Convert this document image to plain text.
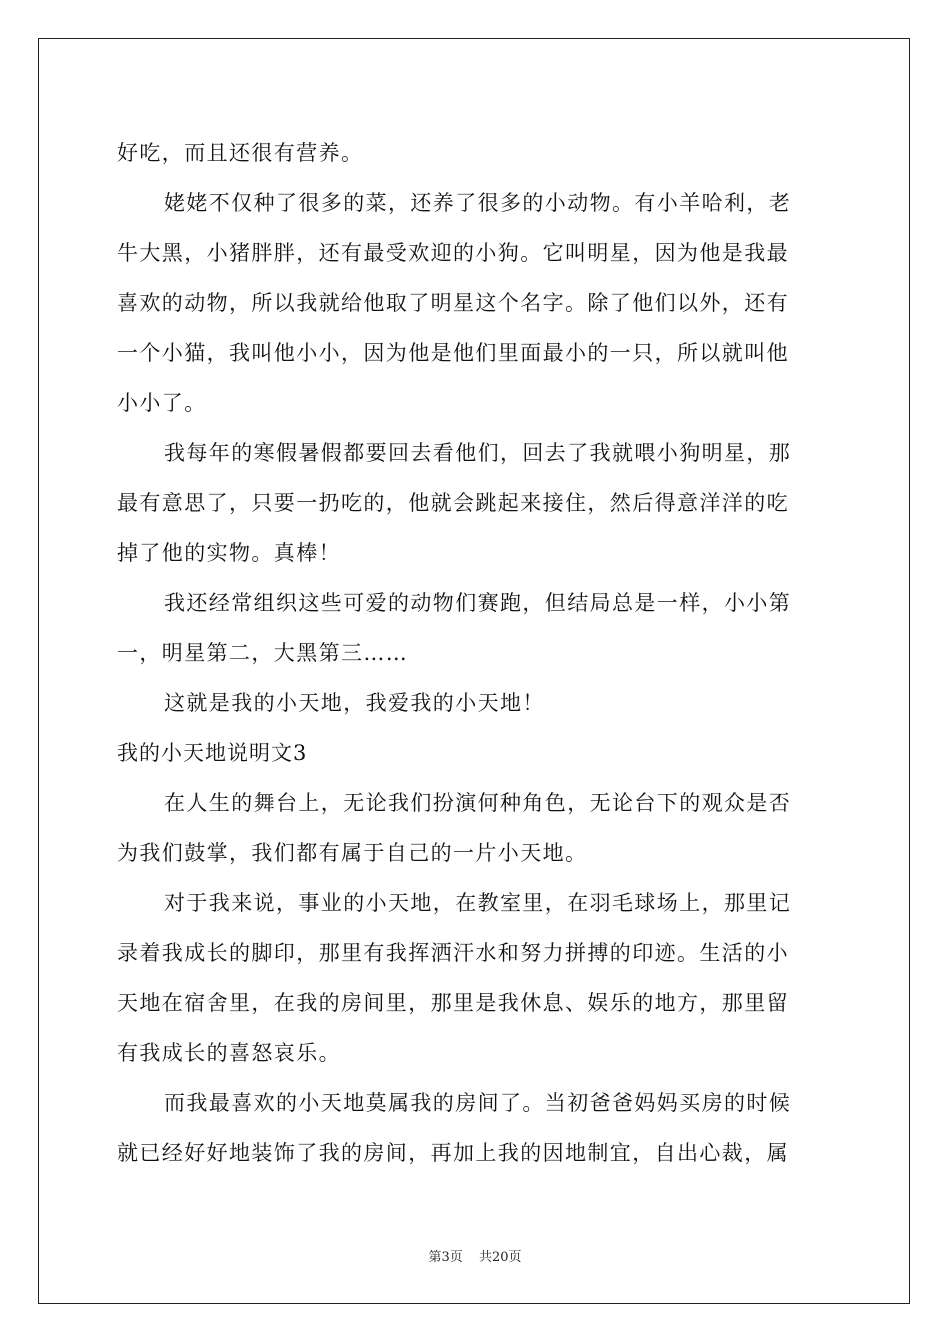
好吃，而且还很有营养。
姥姥不仅种了很多的菜，还养了很多的小动物。有小羊哈利，老
牛大黑，小猪胖胖，还有最受欢迎的小狗。它叫明星，因为他是我最
喜欢的动物，所以我就给他取了明星这个名字。除了他们以外，还有
一个小猫，我叫他小小，因为他是他们里面最小的一只，所以就叫他
小小了。
我每年的寒假暑假都要回去看他们，回去了我就喂小狗明星，那
最有意思了，只要一扔吃的，他就会跳起来接住，然后得意洋洋的吃
掉了他的实物。真棒！
我还经常组织这些可爱的动物们赛跑，但结局总是一样，小小第
一，明星第二，大黑第三……
这就是我的小天地，我爱我的小天地！
我的小天地说明文3
在人生的舞台上，无论我们扮演何种角色，无论台下的观众是否
为我们鼓掌，我们都有属于自己的一片小天地。
对于我来说，事业的小天地，在教室里，在羽毛球场上，那里记
录着我成长的脚印，那里有我挥洒汗水和努力拼搏的印迹。生活的小
天地在宿舍里，在我的房间里，那里是我休息、娱乐的地方，那里留
有我成长的喜怒哀乐。
而我最喜欢的小天地莫属我的房间了。当初爸爸妈妈买房的时候
就已经好好地装饰了我的房间，再加上我的因地制宜，自出心裁，属
第3页 共20页
